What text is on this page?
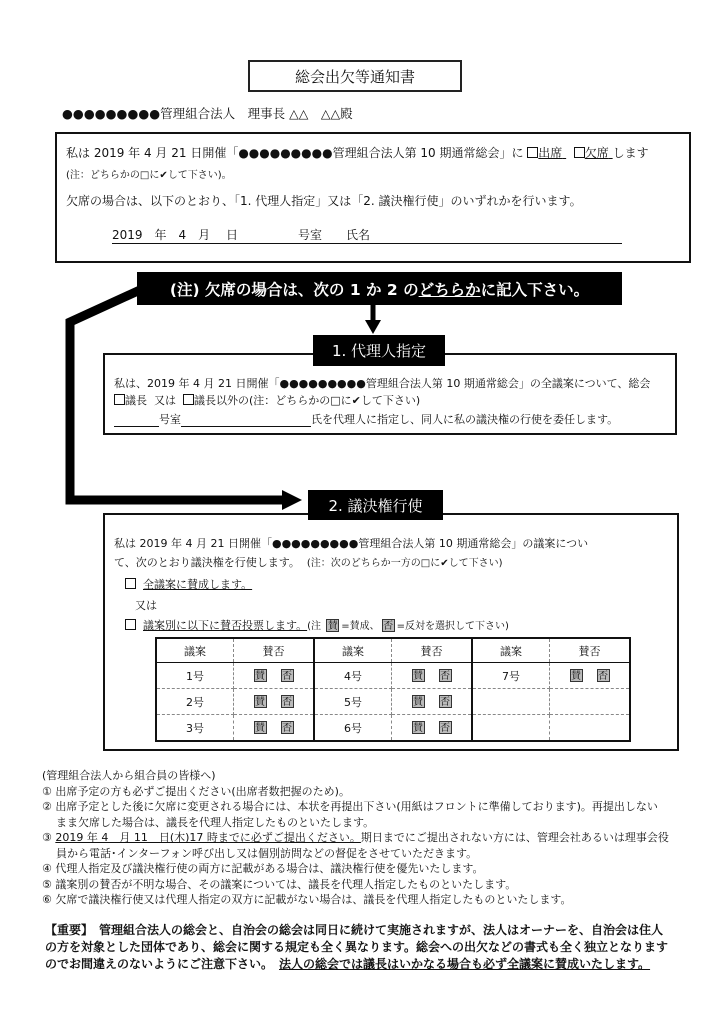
総会出欠等通知書
●●●●●●●●●管理組合法人　理事長 △△　△△殿
私は 2019 年 4 月 21 日開催「●●●●●●●●●管理組合法人第 10 期通常総会」に 出席 欠席 します
(注：どちらかの□に✔して下さい)。
欠席の場合は、以下のとおり、「1. 代理人指定」又は「2. 議決権行使」のいずれかを行います。
2019　年　4　月　 日　　　　　号室　　氏名
(注) 欠席の場合は、次の 1 か 2 の どちらか に記入下さい。
私は、2019 年 4 月 21 日開催「●●●●●●●●●管理組合法人第 10 期通常総会」の全議案について、総会
議長 又は 議長以外の(注：どちらかの□に✔して下さい)
号室	氏を代理人に指定し、同人に私の議決権の行使を委任します。
1. 代理人指定
私は 2019 年 4 月 21 日開催「●●●●●●●●●管理組合法人第 10 期通常総会」の議案につい
て、次のとおり議決権を行使します。 (注：次のどちらか一方の□に✔して下さい)
全議案に賛成します。
又は
議案別に以下に賛否投票します。(注 賛 =賛成、 否 =反対を選択して下さい)
2. 議決権行使
議案	賛否	議案	賛否	議案	賛否
1号	賛 否	4号	賛 否	7号	賛 否
2号	賛 否	5号	賛 否		
3号	賛 否	6号	賛 否		
(管理組合法人から組合員の皆様へ)
① 出席予定の方も必ずご提出ください(出席者数把握のため)。
② 出席予定とした後に欠席に変更される場合には、本状を再提出下さい(用紙はフロントに準備しております)。再提出しない
まま欠席した場合は、議長を代理人指定したものといたします。
③ 2019 年 4　月 11　日(木)17 時までに必ずご提出ください。期日までにご提出されない方には、管理会社あるいは理事会役
員から電話･インターフォン呼び出し又は個別訪問などの督促をさせていただきます。
④ 代理人指定及び議決権行使の両方に記載がある場合は、議決権行使を優先いたします。
⑤ 議案別の賛否が不明な場合、その議案については、議長を代理人指定したものといたします。
⑥ 欠席で議決権行使又は代理人指定の双方に記載がない場合は、議長を代理人指定したものといたします。
【重要】　管理組合法人の総会と、自治会の総会は同日に続けて実施されますが、法人はオーナーを、自治会は住人
の方を対象とした団体であり、総会に関する規定も全く異なります。総会への出欠などの書式も全く独立となります
のでお間違えのないようにご注意下さい。　法人の総会では議長はいかなる場合も必ず全議案に賛成いたします。
